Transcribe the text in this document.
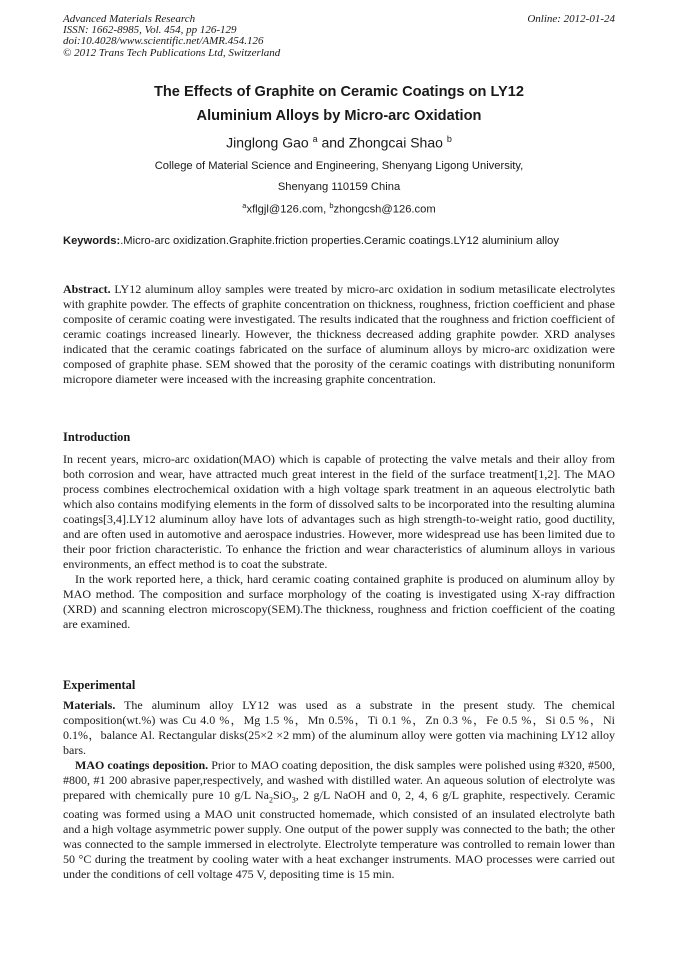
Advanced Materials Research
ISSN: 1662-8985, Vol. 454, pp 126-129
doi:10.4028/www.scientific.net/AMR.454.126
© 2012 Trans Tech Publications Ltd, Switzerland
Online: 2012-01-24
The Effects of Graphite on Ceramic Coatings on LY12
Aluminium Alloys by Micro-arc Oxidation
Jinglong Gao $^a$ and Zhongcai Shao $^b$
College of Material Science and Engineering, Shenyang Ligong University,
Shenyang 110159 China
$^a$xflgjl@126.com, $^b$zhongcsh@126.com
Keywords:.Micro-arc oxidization.Graphite.friction properties.Ceramic coatings.LY12 aluminium alloy

Abstract. LY12 aluminum alloy samples were treated by micro-arc oxidation in sodium metasilicate electrolytes with graphite powder. The effects of graphite concentration on thickness, roughness, friction coefficient and phase composite of ceramic coating were investigated. The results indicated that the roughness and friction coefficient of ceramic coatings increased linearly. However, the thickness decreased adding graphite powder. XRD analyses indicated that the ceramic coatings fabricated on the surface of aluminum alloys by micro-arc oxidization were composed of graphite phase. SEM showed that the porosity of the ceramic coatings with distributing nonuniform micropore diameter were inceased with the increasing graphite concentration.

Introduction

In recent years, micro-arc oxidation(MAO) which is capable of protecting the valve metals and their alloy from both corrosion and wear, have attracted much great interest in the field of the surface treatment[1,2]. The MAO process combines electrochemical oxidation with a high voltage spark treatment in an aqueous electrolytic bath which also contains modifying elements in the form of dissolved salts to be incorporated into the resulting alumina coatings[3,4].LY12 aluminum alloy have lots of advantages such as high strength-to-weight ratio, good ductility, and are often used in automotive and aerospace industries. However, more widespread use has been limited due to their poor friction characteristic. To enhance the friction and wear characteristics of aluminum alloys in various environments, an effect method is to coat the substrate.

In the work reported here, a thick, hard ceramic coating contained graphite is produced on aluminum alloy by MAO method. The composition and surface morphology of the coating is investigated using X-ray diffraction (XRD) and scanning electron microscopy(SEM).The thickness, roughness and friction coefficient of the coating are examined.

Experimental

Materials. The aluminum alloy LY12 was used as a substrate in the present study. The chemical composition(wt.%) was Cu 4.0 %，Mg 1.5 %，Mn 0.5%，Ti 0.1 %，Zn 0.3 %，Fe 0.5 %，Si 0.5 %，Ni 0.1%，balance Al. Rectangular disks(25×2 ×2 mm) of the aluminum alloy were gotten via machining LY12 alloy bars.

MAO coatings deposition. Prior to MAO coating deposition, the disk samples were polished using #320, #500, #800, #1 200 abrasive paper,respectively, and washed with distilled water. An aqueous solution of electrolyte was prepared with chemically pure 10 g/L $Na_2SiO_3$, 2 g/L NaOH and 0, 2, 4, 6 g/L graphite, respectively. Ceramic coating was formed using a MAO unit constructed homemade, which consisted of an insulated electrolyte bath and a high voltage asymmetric power supply. One output of the power supply was connected to the bath; the other was connected to the sample immersed in electrolyte. Electrolyte temperature was controlled to remain lower than 50 °C during the treatment by cooling water with a heat exchanger instruments. MAO processes were carried out under the conditions of cell voltage 475 V, depositing time is 15 min.
